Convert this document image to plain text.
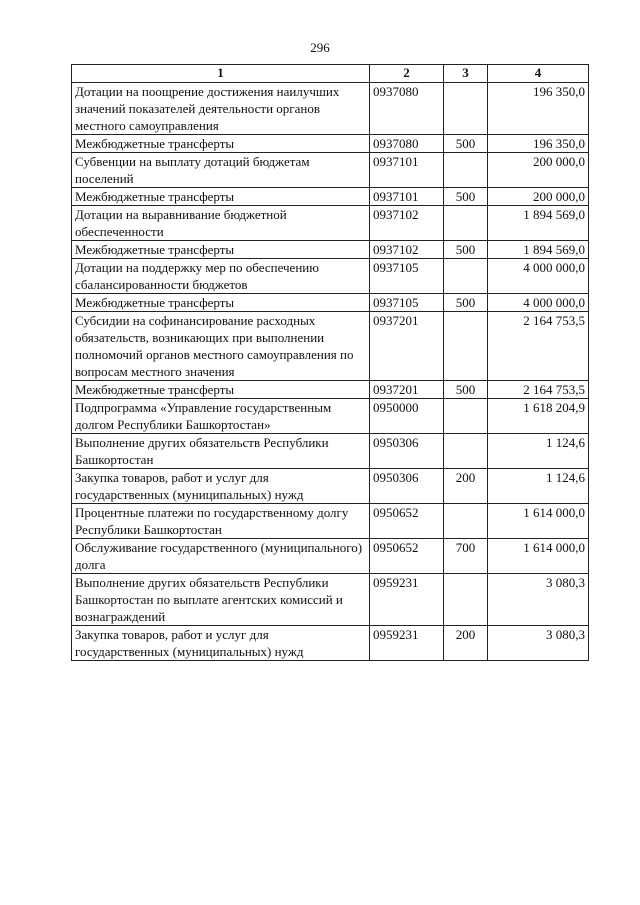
296
1	2	3	4
Дотации на поощрение достижения наилучших значений показателей деятельности органов местного самоуправления	0937080		196 350,0
Межбюджетные трансферты	0937080	500	196 350,0
Субвенции на выплату дотаций бюджетам поселений	0937101		200 000,0
Межбюджетные трансферты	0937101	500	200 000,0
Дотации на выравнивание бюджетной обеспеченности	0937102		1 894 569,0
Межбюджетные трансферты	0937102	500	1 894 569,0
Дотации на поддержку мер по обеспечению сбалансированности бюджетов	0937105		4 000 000,0
Межбюджетные трансферты	0937105	500	4 000 000,0
Субсидии на софинансирование расходных обязательств, возникающих при выполнении полномочий органов местного самоуправления по вопросам местного значения	0937201		2 164 753,5
Межбюджетные трансферты	0937201	500	2 164 753,5
Подпрограмма «Управление государственным долгом Республики Башкортостан»	0950000		1 618 204,9
Выполнение других обязательств Республики Башкортостан	0950306		1 124,6
Закупка товаров, работ и услуг для государственных (муниципальных) нужд	0950306	200	1 124,6
Процентные платежи по государственному долгу Республики Башкортостан	0950652		1 614 000,0
Обслуживание государственного (муниципального) долга	0950652	700	1 614 000,0
Выполнение других обязательств Республики Башкортостан по выплате агентских комиссий и вознаграждений	0959231		3 080,3
Закупка товаров, работ и услуг для государственных (муниципальных) нужд	0959231	200	3 080,3
